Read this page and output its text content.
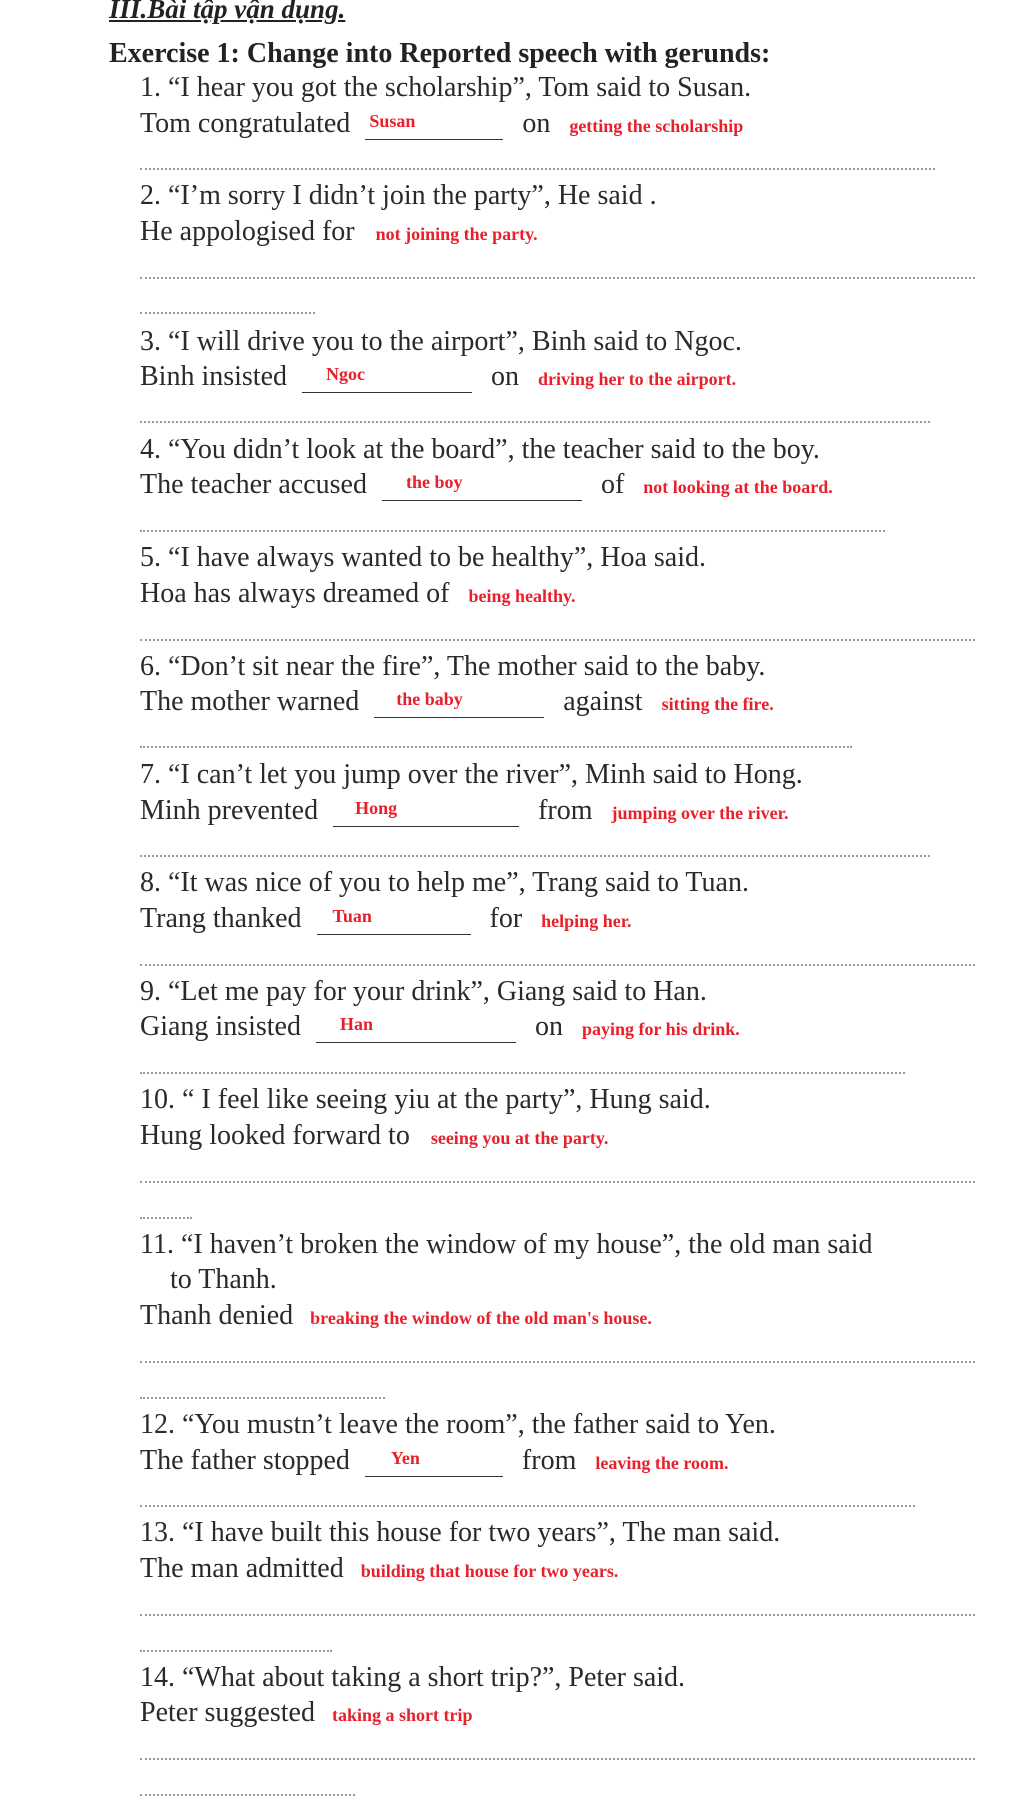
III.Bài tập vận dụng.
Exercise 1: Change into Reported speech with gerunds:
1. “I hear you got the scholarship”, Tom said to Susan.
Tom congratulated Susan	on getting the scholarship
2. “I’m sorry I didn’t join the party”, He said .
He appologised for not joining the party.
3. “I will drive you to the airport”, Binh said to Ngoc.
Binh insisted Ngoc	on driving her to the airport.
4. “You didn’t look at the board”, the teacher said to the boy.
The teacher accused the boy	of not looking at the board.
5. “I have always wanted to be healthy”, Hoa said.
Hoa has always dreamed of being healthy.
6. “Don’t sit near the fire”, The mother said to the baby.
The mother warned the baby	against sitting the fire.
7. “I can’t let you jump over the river”, Minh said to Hong.
Minh prevented Hong	from jumping over the river.
8. “It was nice of you to help me”, Trang said to Tuan.
Trang thanked Tuan	for helping her.
9. “Let me pay for your drink”, Giang said to Han.
Giang insisted Han	on paying for his drink.
10. “ I feel like seeing yiu at the party”, Hung said.
Hung looked forward to seeing you at the party.
11. “I haven’t broken the window of my house”, the old man said
to Thanh.
Thanh denied breaking the window of the old man's house.
12. “You mustn’t leave the room”, the father said to Yen.
The father stopped Yen	from leaving the room.
13. “I have built this house for two years”, The man said.
The man admitted building that house for two years.
14. “What about taking a short trip?”, Peter said.
Peter suggested taking a short trip
